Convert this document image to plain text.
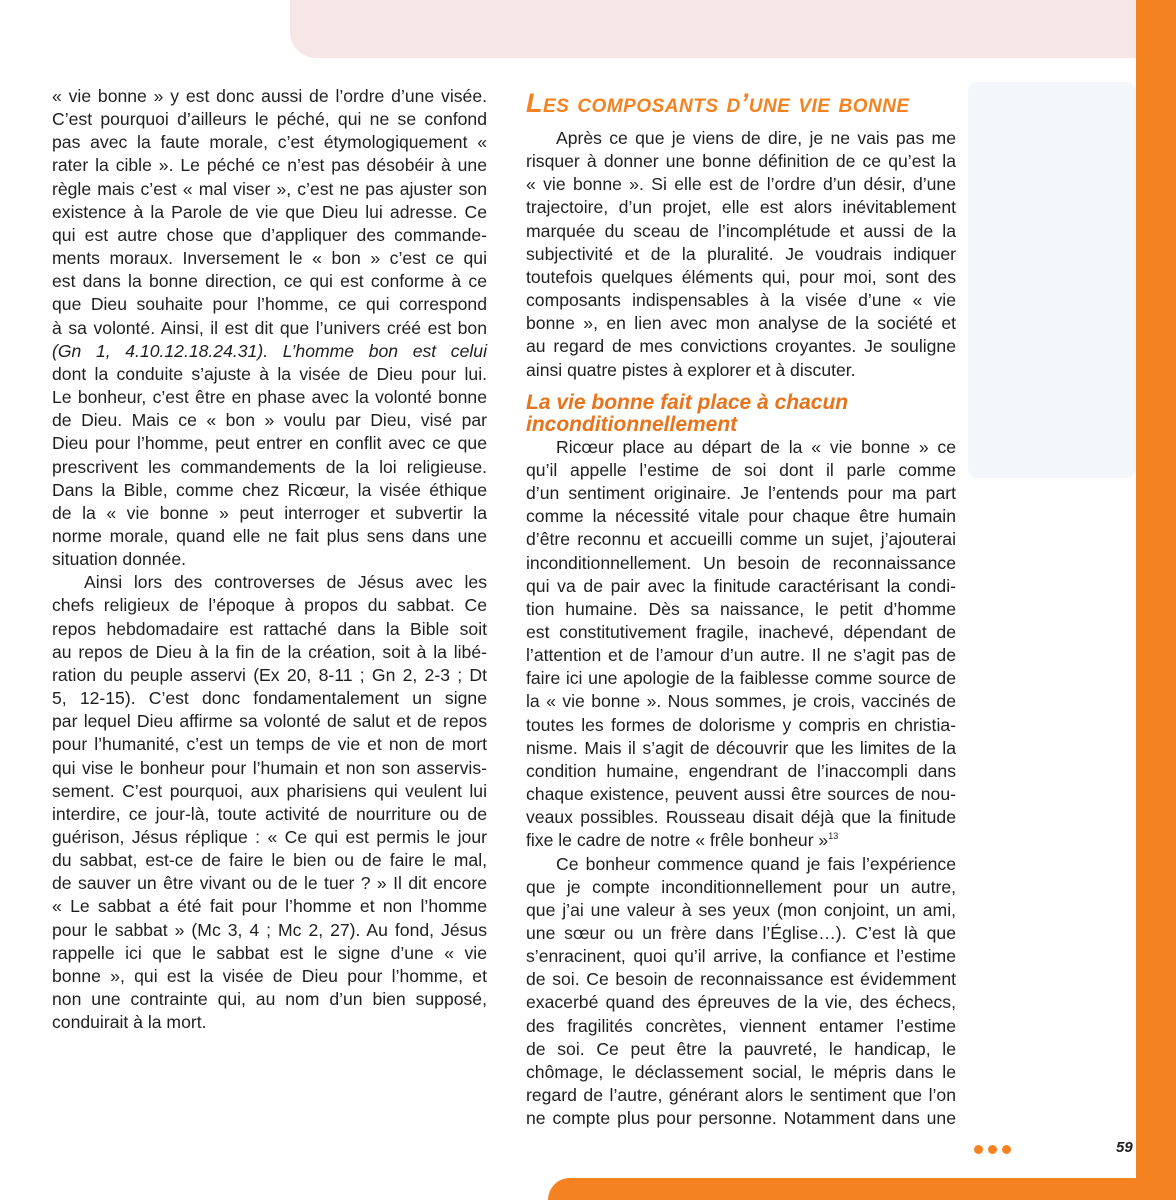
« vie bonne » y est donc aussi de l’ordre d’une visée.
C’est pourquoi d’ailleurs le péché, qui ne se confond
pas avec la faute morale, c’est étymologiquement «
rater la cible ». Le péché ce n’est pas désobéir à une
règle mais c’est « mal viser », c’est ne pas ajuster son
existence à la Parole de vie que Dieu lui adresse. Ce
qui est autre chose que d’appliquer des commande-
ments moraux. Inversement le « bon » c’est ce qui
est dans la bonne direction, ce qui est conforme à ce
que Dieu souhaite pour l’homme, ce qui correspond
à sa volonté. Ainsi, il est dit que l’univers créé est bon
(Gn 1, 4.10.12.18.24.31). L’homme bon est celui
dont la conduite s’ajuste à la visée de Dieu pour lui.
Le bonheur, c’est être en phase avec la volonté bonne
de Dieu. Mais ce « bon » voulu par Dieu, visé par
Dieu pour l’homme, peut entrer en conflit avec ce que
prescrivent les commandements de la loi religieuse.
Dans la Bible, comme chez Ricœur, la visée éthique
de la « vie bonne » peut interroger et subvertir la
norme morale, quand elle ne fait plus sens dans une
situation donnée.

Ainsi lors des controverses de Jésus avec les
chefs religieux de l’époque à propos du sabbat. Ce
repos hebdomadaire est rattaché dans la Bible soit
au repos de Dieu à la fin de la création, soit à la libé-
ration du peuple asservi (Ex 20, 8-11 ; Gn 2, 2-3 ; Dt
5, 12-15). C’est donc fondamentalement un signe
par lequel Dieu affirme sa volonté de salut et de repos
pour l’humanité, c’est un temps de vie et non de mort
qui vise le bonheur pour l’humain et non son asservis-
sement. C’est pourquoi, aux pharisiens qui veulent lui
interdire, ce jour-là, toute activité de nourriture ou de
guérison, Jésus réplique : « Ce qui est permis le jour
du sabbat, est-ce de faire le bien ou de faire le mal,
de sauver un être vivant ou de le tuer ? » Il dit encore
« Le sabbat a été fait pour l’homme et non l’homme
pour le sabbat » (Mc 3, 4 ; Mc 2, 27). Au fond, Jésus
rappelle ici que le sabbat est le signe d’une « vie
bonne », qui est la visée de Dieu pour l’homme, et
non une contrainte qui, au nom d’un bien supposé,
conduirait à la mort.

Les composants d’une vie bonne

Après ce que je viens de dire, je ne vais pas me
risquer à donner une bonne définition de ce qu’est la
« vie bonne ». Si elle est de l’ordre d’un désir, d’une
trajectoire, d’un projet, elle est alors inévitablement
marquée du sceau de l’incomplétude et aussi de la
subjectivité et de la pluralité. Je voudrais indiquer
toutefois quelques éléments qui, pour moi, sont des
composants indispensables à la visée d’une « vie
bonne », en lien avec mon analyse de la société et
au regard de mes convictions croyantes. Je souligne
ainsi quatre pistes à explorer et à discuter.

La vie bonne fait place à chacun
inconditionnellement

Ricœur place au départ de la « vie bonne » ce
qu’il appelle l’estime de soi dont il parle comme
d’un sentiment originaire. Je l’entends pour ma part
comme la nécessité vitale pour chaque être humain
d’être reconnu et accueilli comme un sujet, j’ajouterai
inconditionnellement. Un besoin de reconnaissance
qui va de pair avec la finitude caractérisant la condi-
tion humaine. Dès sa naissance, le petit d’homme
est constitutivement fragile, inachevé, dépendant de
l’attention et de l’amour d’un autre. Il ne s’agit pas de
faire ici une apologie de la faiblesse comme source de
la « vie bonne ». Nous sommes, je crois, vaccinés de
toutes les formes de dolorisme y compris en christia-
nisme. Mais il s’agit de découvrir que les limites de la
condition humaine, engendrant de l’inaccompli dans
chaque existence, peuvent aussi être sources de nou-
veaux possibles. Rousseau disait déjà que la finitude
fixe le cadre de notre « frêle bonheur »$^{13}$

Ce bonheur commence quand je fais l’expérience
que je compte inconditionnellement pour un autre,
que j’ai une valeur à ses yeux (mon conjoint, un ami,
une sœur ou un frère dans l’Église…). C’est là que
s’enracinent, quoi qu’il arrive, la confiance et l’estime
de soi. Ce besoin de reconnaissance est évidemment
exacerbé quand des épreuves de la vie, des échecs,
des fragilités concrètes, viennent entamer l’estime
de soi. Ce peut être la pauvreté, le handicap, le
chômage, le déclassement social, le mépris dans le
regard de l’autre, générant alors le sentiment que l’on
ne compte plus pour personne. Notamment dans une

59
